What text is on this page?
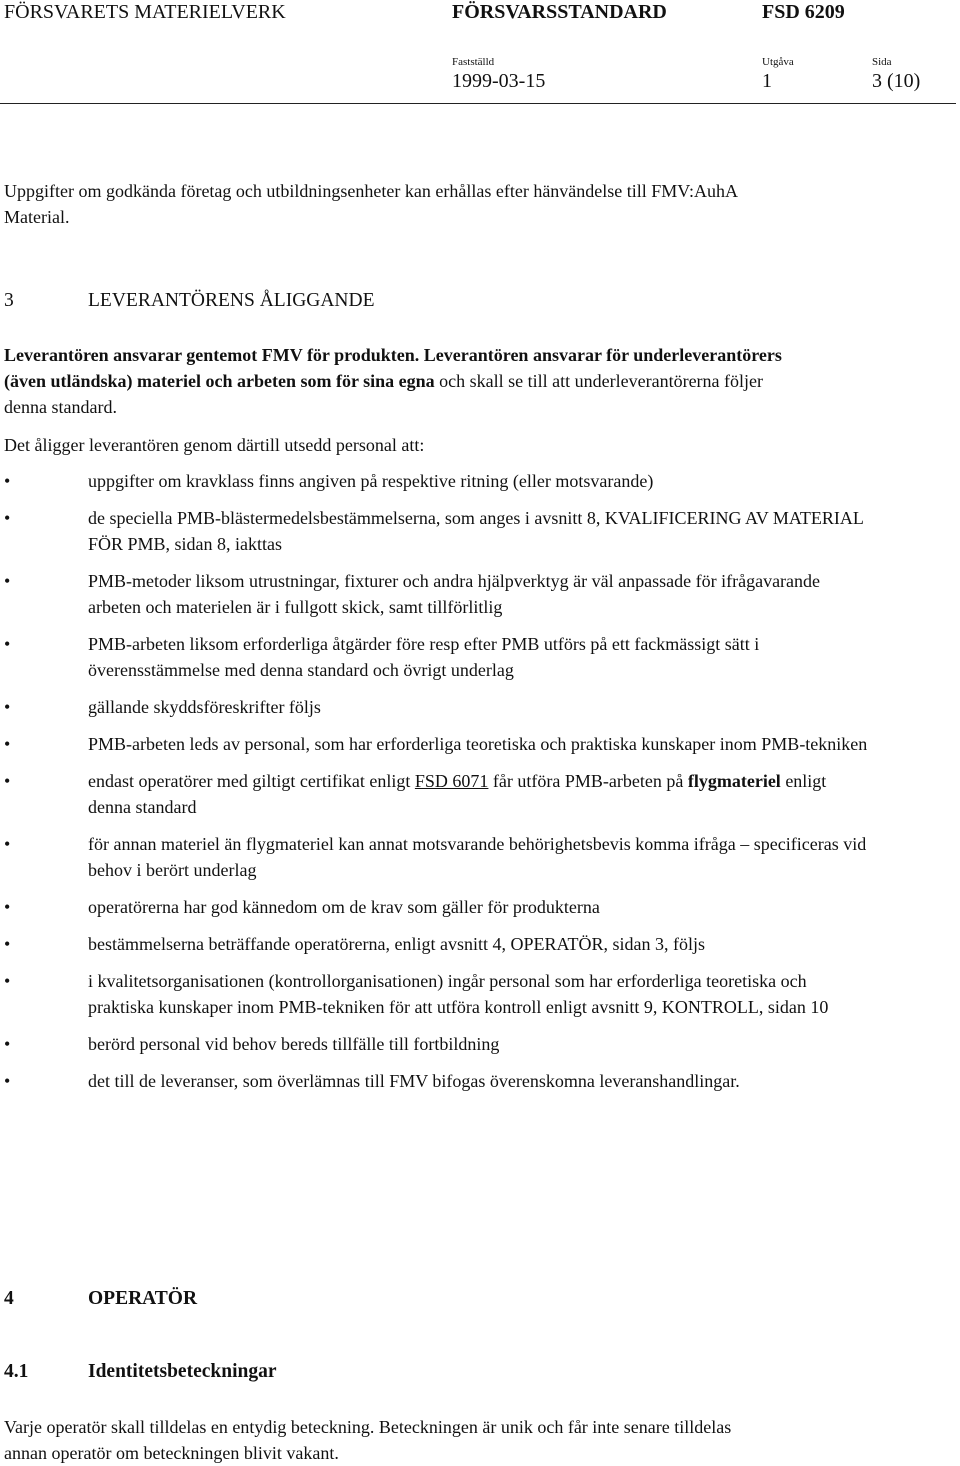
FÖRSVARETS MATERIELVERK	FÖRSVARSSTANDARD	FSD 6209
Fastställd	Utgåva	Sida
1999-03-15	1	3 (10)
Uppgifter om godkända företag och utbildningsenheter kan erhållas efter hänvändelse till FMV:AuhA Material.
3	LEVERANTÖRENS ÅLIGGANDE
Leverantören ansvarar gentemot FMV för produkten. Leverantören ansvarar för underleverantörers (även utländska) materiel och arbeten som för sina egna och skall se till att underleverantörerna följer denna standard.
Det åligger leverantören genom därtill utsedd personal att:
•	uppgifter om kravklass finns angiven på respektive ritning (eller motsvarande)
•	de speciella PMB-blästermedelsbestämmelserna, som anges i avsnitt 8, KVALIFICERING AV MATERIAL FÖR PMB, sidan 8, iakttas
•	PMB-metoder liksom utrustningar, fixturer och andra hjälpverktyg är väl anpassade för ifrågavarande arbeten och materielen är i fullgott skick, samt tillförlitlig
•	PMB-arbeten liksom erforderliga åtgärder före resp efter PMB utförs på ett fackmässigt sätt i överensstämmelse med denna standard och övrigt underlag
•	gällande skyddsföreskrifter följs
•	PMB-arbeten leds av personal, som har erforderliga teoretiska och praktiska kunskaper inom PMB-tekniken
•	endast operatörer med giltigt certifikat enligt FSD 6071 får utföra PMB-arbeten på flygmateriel enligt denna standard
•	för annan materiel än flygmateriel kan annat motsvarande behörighetsbevis komma ifråga – specificeras vid behov i berört underlag
•	operatörerna har god kännedom om de krav som gäller för produkterna
•	bestämmelserna beträffande operatörerna, enligt avsnitt 4, OPERATÖR, sidan 3, följs
•	i kvalitetsorganisationen (kontrollorganisationen) ingår personal som har erforderliga teoretiska och praktiska kunskaper inom PMB-tekniken för att utföra kontroll enligt avsnitt 9, KONTROLL, sidan 10
•	berörd personal vid behov bereds tillfälle till fortbildning
•	det till de leveranser, som överlämnas till FMV bifogas överenskomna leveranshandlingar.
4	OPERATÖR
4.1	Identitetsbeteckningar
Varje operatör skall tilldelas en entydig beteckning. Beteckningen är unik och får inte senare tilldelas annan operatör om beteckningen blivit vakant.
